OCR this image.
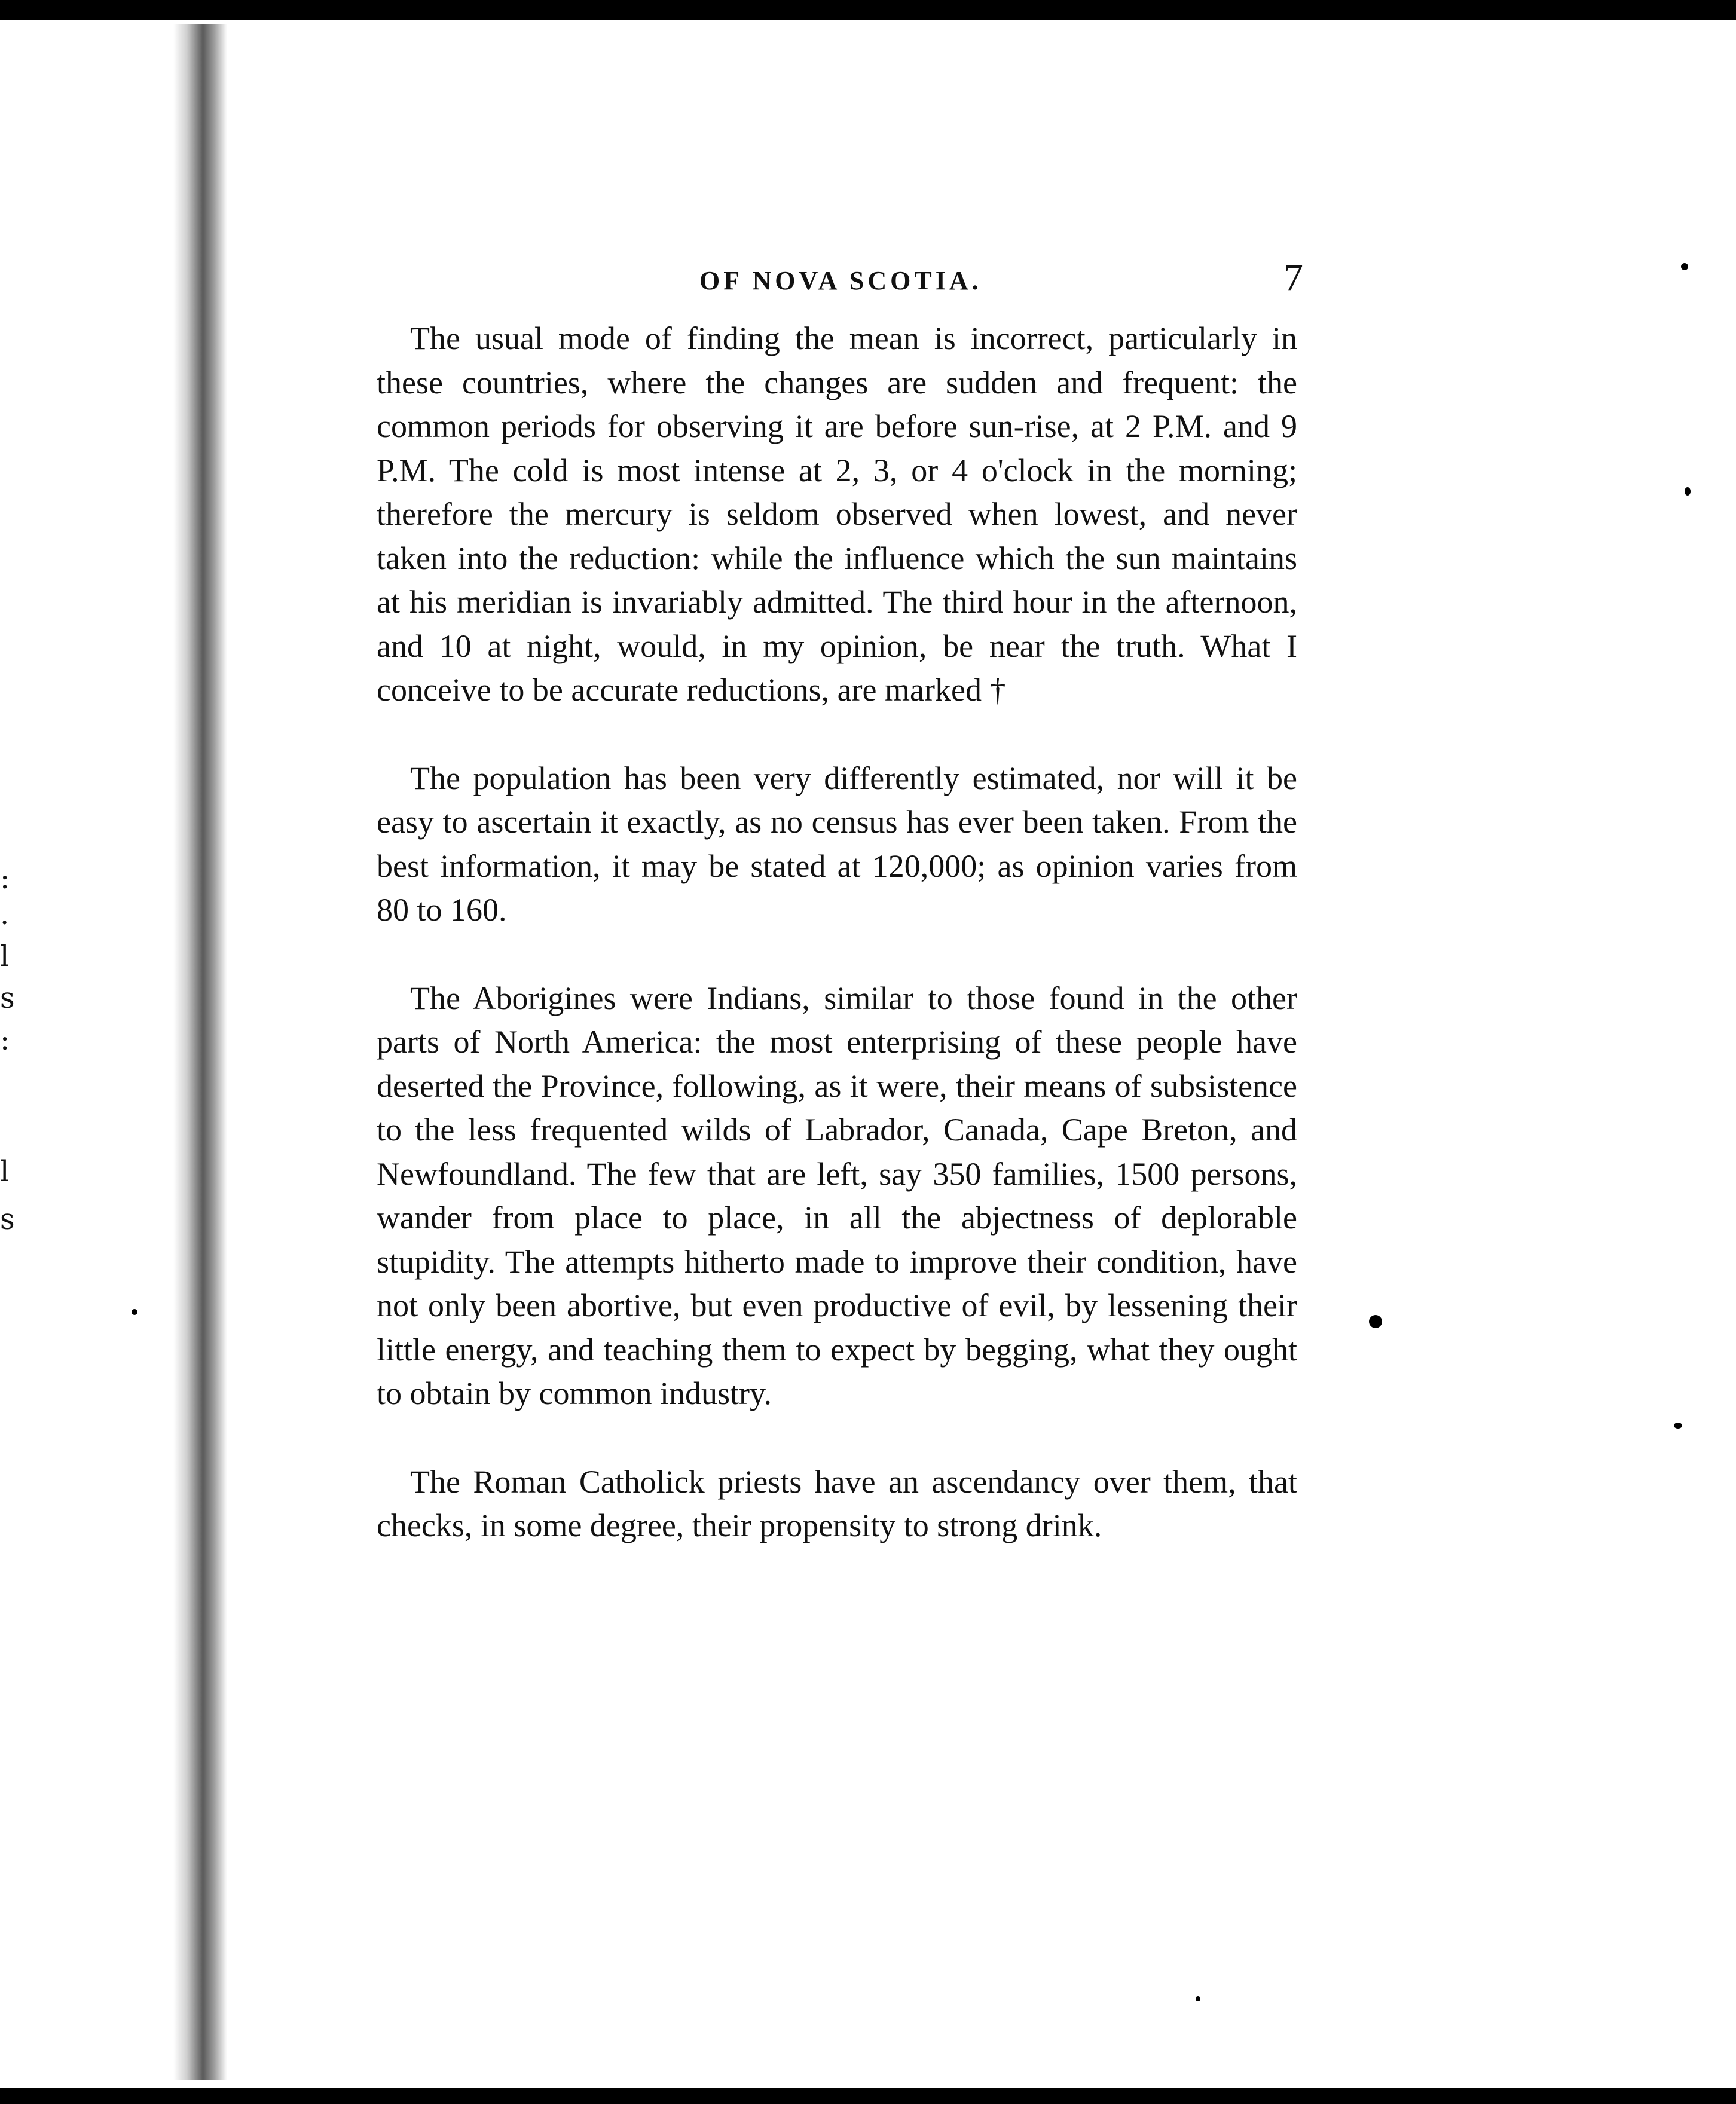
:
.
l
s
:
l
s
OF NOVA SCOTIA.	7

The usual mode of finding the mean is incorrect, particularly in these countries, where the changes are sudden and frequent: the common periods for observing it are before sun-rise, at 2 P.M. and 9 P.M. The cold is most intense at 2, 3, or 4 o'clock in the morning; therefore the mercury is seldom observed when lowest, and never taken into the reduction: while the influence which the sun maintains at his meridian is invariably admitted. The third hour in the afternoon, and 10 at night, would, in my opinion, be near the truth. What I conceive to be accurate reductions, are marked †

The population has been very differently estimated, nor will it be easy to ascertain it exactly, as no census has ever been taken. From the best information, it may be stated at 120,000; as opinion varies from 80 to 160.

The Aborigines were Indians, similar to those found in the other parts of North America: the most enterprising of these people have deserted the Province, following, as it were, their means of subsistence to the less frequented wilds of Labrador, Canada, Cape Breton, and Newfoundland. The few that are left, say 350 families, 1500 persons, wander from place to place, in all the abjectness of deplorable stupidity. The attempts hitherto made to improve their condition, have not only been abortive, but even productive of evil, by lessening their little energy, and teaching them to expect by begging, what they ought to obtain by common industry.

The Roman Catholick priests have an ascendancy over them, that checks, in some degree, their propensity to strong drink.
